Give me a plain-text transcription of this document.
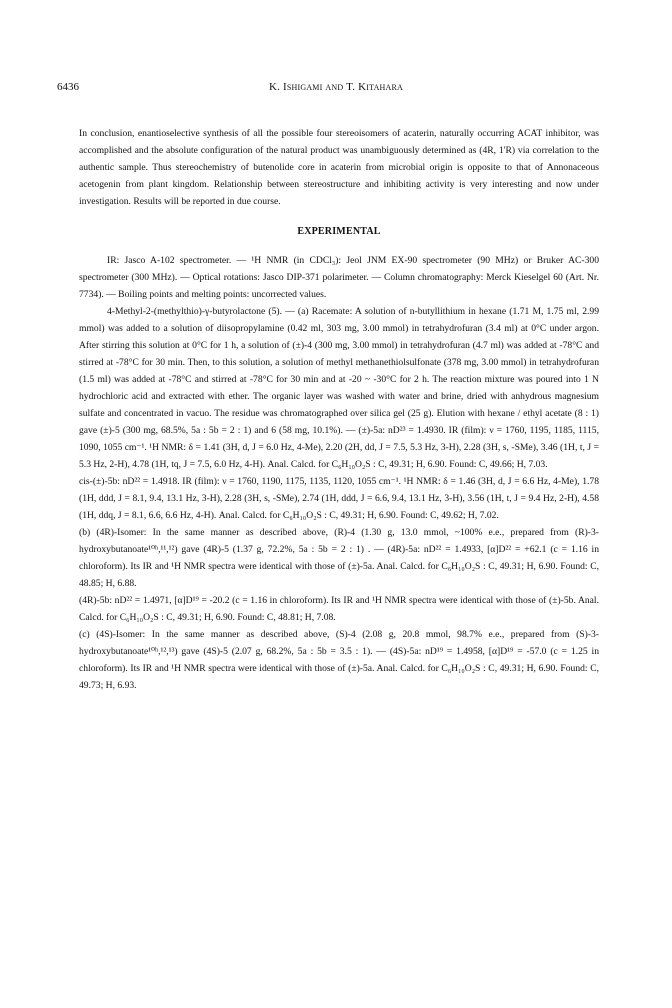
6436	K. Ishigami and T. Kitahara

In conclusion, enantioselective synthesis of all the possible four stereoisomers of acaterin, naturally occurring ACAT inhibitor, was accomplished and the absolute configuration of the natural product was unambiguously determined as (4R, 1'R) via correlation to the authentic sample. Thus stereochemistry of butenolide core in acaterin from microbial origin is opposite to that of Annonaceous acetogenin from plant kingdom. Relationship between stereostructure and inhibiting activity is very interesting and now under investigation. Results will be reported in due course.

EXPERIMENTAL

IR: Jasco A-102 spectrometer. — ¹H NMR (in CDCl₃): Jeol JNM EX-90 spectrometer (90 MHz) or Bruker AC-300 spectrometer (300 MHz). — Optical rotations: Jasco DIP-371 polarimeter. — Column chromatography: Merck Kieselgel 60 (Art. Nr. 7734). — Boiling points and melting points: uncorrected values.

4-Methyl-2-(methylthio)-γ-butyrolactone (5). — (a) Racemate: A solution of n-butyllithium in hexane (1.71 M, 1.75 ml, 2.99 mmol) was added to a solution of diisopropylamine (0.42 ml, 303 mg, 3.00 mmol) in tetrahydrofuran (3.4 ml) at 0°C under argon. After stirring this solution at 0°C for 1 h, a solution of (±)-4 (300 mg, 3.00 mmol) in tetrahydrofuran (4.7 ml) was added at -78°C and stirred at -78°C for 30 min. Then, to this solution, a solution of methyl methanethiolsulfonate (378 mg, 3.00 mmol) in tetrahydrofuran (1.5 ml) was added at -78°C and stirred at -78°C for 30 min and at -20 ~ -30°C for 2 h. The reaction mixture was poured into 1 N hydrochloric acid and extracted with ether. The organic layer was washed with water and brine, dried with anhydrous magnesium sulfate and concentrated in vacuo. The residue was chromatographed over silica gel (25 g). Elution with hexane / ethyl acetate (8 : 1) gave (±)-5 (300 mg, 68.5%, 5a : 5b = 2 : 1) and 6 (58 mg, 10.1%). — (±)-5a: nD²³ = 1.4930. IR (film): ν = 1760, 1195, 1185, 1115, 1090, 1055 cm⁻¹. ¹H NMR: δ = 1.41 (3H, d, J = 6.0 Hz, 4-Me), 2.20 (2H, dd, J = 7.5, 5.3 Hz, 3-H), 2.28 (3H, s, -SMe), 3.46 (1H, t, J = 5.3 Hz, 2-H), 4.78 (1H, tq, J = 7.5, 6.0 Hz, 4-H). Anal. Calcd. for C₆H₁₀O₂S : C, 49.31; H, 6.90. Found: C, 49.66; H, 7.03.

cis-(±)-5b: nD²² = 1.4918. IR (film): ν = 1760, 1190, 1175, 1135, 1120, 1055 cm⁻¹. ¹H NMR: δ = 1.46 (3H, d, J = 6.6 Hz, 4-Me), 1.78 (1H, ddd, J = 8.1, 9.4, 13.1 Hz, 3-H), 2.28 (3H, s, -SMe), 2.74 (1H, ddd, J = 6.6, 9.4, 13.1 Hz, 3-H), 3.56 (1H, t, J = 9.4 Hz, 2-H), 4.58 (1H, ddq, J = 8.1, 6.6, 6.6 Hz, 4-H). Anal. Calcd. for C₆H₁₀O₂S : C, 49.31; H, 6.90. Found: C, 49.62; H, 7.02.

(b) (4R)-Isomer: In the same manner as described above, (R)-4 (1.30 g, 13.0 mmol, ~100% e.e., prepared from (R)-3-hydroxybutanoate¹⁰ʰ,¹¹,¹²) gave (4R)-5 (1.37 g, 72.2%, 5a : 5b = 2 : 1) . — (4R)-5a: nD²² = 1.4933, [α]D²² = +62.1 (c = 1.16 in chloroform). Its IR and ¹H NMR spectra were identical with those of (±)-5a. Anal. Calcd. for C₆H₁₀O₂S : C, 49.31; H, 6.90. Found: C, 48.85; H, 6.88.

(4R)-5b: nD²² = 1.4971, [α]D¹⁹ = -20.2 (c = 1.16 in chloroform). Its IR and ¹H NMR spectra were identical with those of (±)-5b. Anal. Calcd. for C₆H₁₀O₂S : C, 49.31; H, 6.90. Found: C, 48.81; H, 7.08.

(c) (4S)-Isomer: In the same manner as described above, (S)-4 (2.08 g, 20.8 mmol, 98.7% e.e., prepared from (S)-3-hydroxybutanoate¹⁰ʰ,¹²,¹³) gave (4S)-5 (2.07 g, 68.2%, 5a : 5b = 3.5 : 1). — (4S)-5a: nD¹⁹ = 1.4958, [α]D¹⁹ = -57.0 (c = 1.25 in chloroform). Its IR and ¹H NMR spectra were identical with those of (±)-5a. Anal. Calcd. for C₆H₁₀O₂S : C, 49.31; H, 6.90. Found: C, 49.73; H, 6.93.
